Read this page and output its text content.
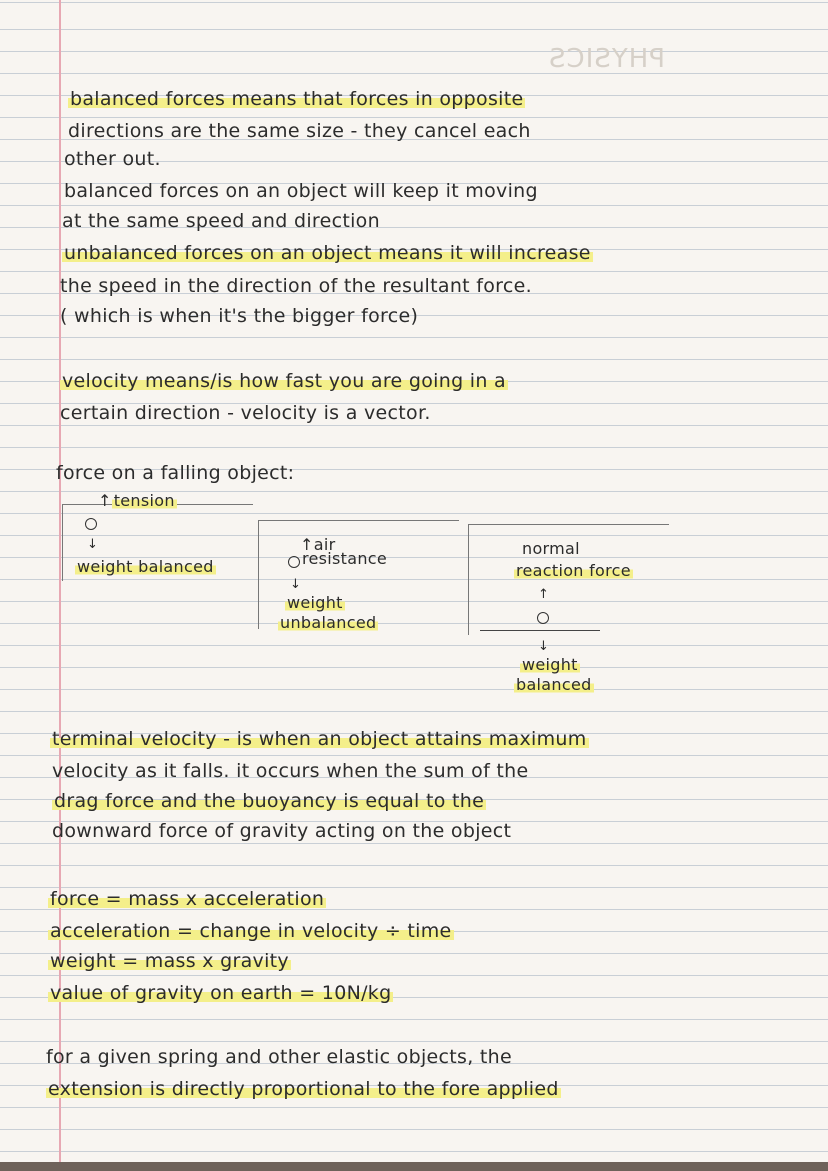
PHYSICS
balanced forces means that forces in opposite
directions are the same size - they cancel each
other out.
balanced forces on an object will keep it moving
at the same speed and direction
unbalanced forces on an object means it will increase
the speed in the direction of the resultant force.
( which is when it's the bigger force)
velocity means/is how fast you are going in a
certain direction - velocity is a vector.
force on a falling object:
↑ tension
↓
weight balanced
↑air
resistance
↓
weight
unbalanced
normal
reaction force
↑
↓
weight
balanced
terminal velocity - is when an object attains maximum
velocity as it falls. it occurs when the sum of the
drag force and the buoyancy is equal to the
downward force of gravity acting on the object
force = mass x acceleration
acceleration = change in velocity ÷ time
weight = mass x gravity
value of gravity on earth = 10N/kg
for a given spring and other elastic objects, the
extension is directly proportional to the fore applied
